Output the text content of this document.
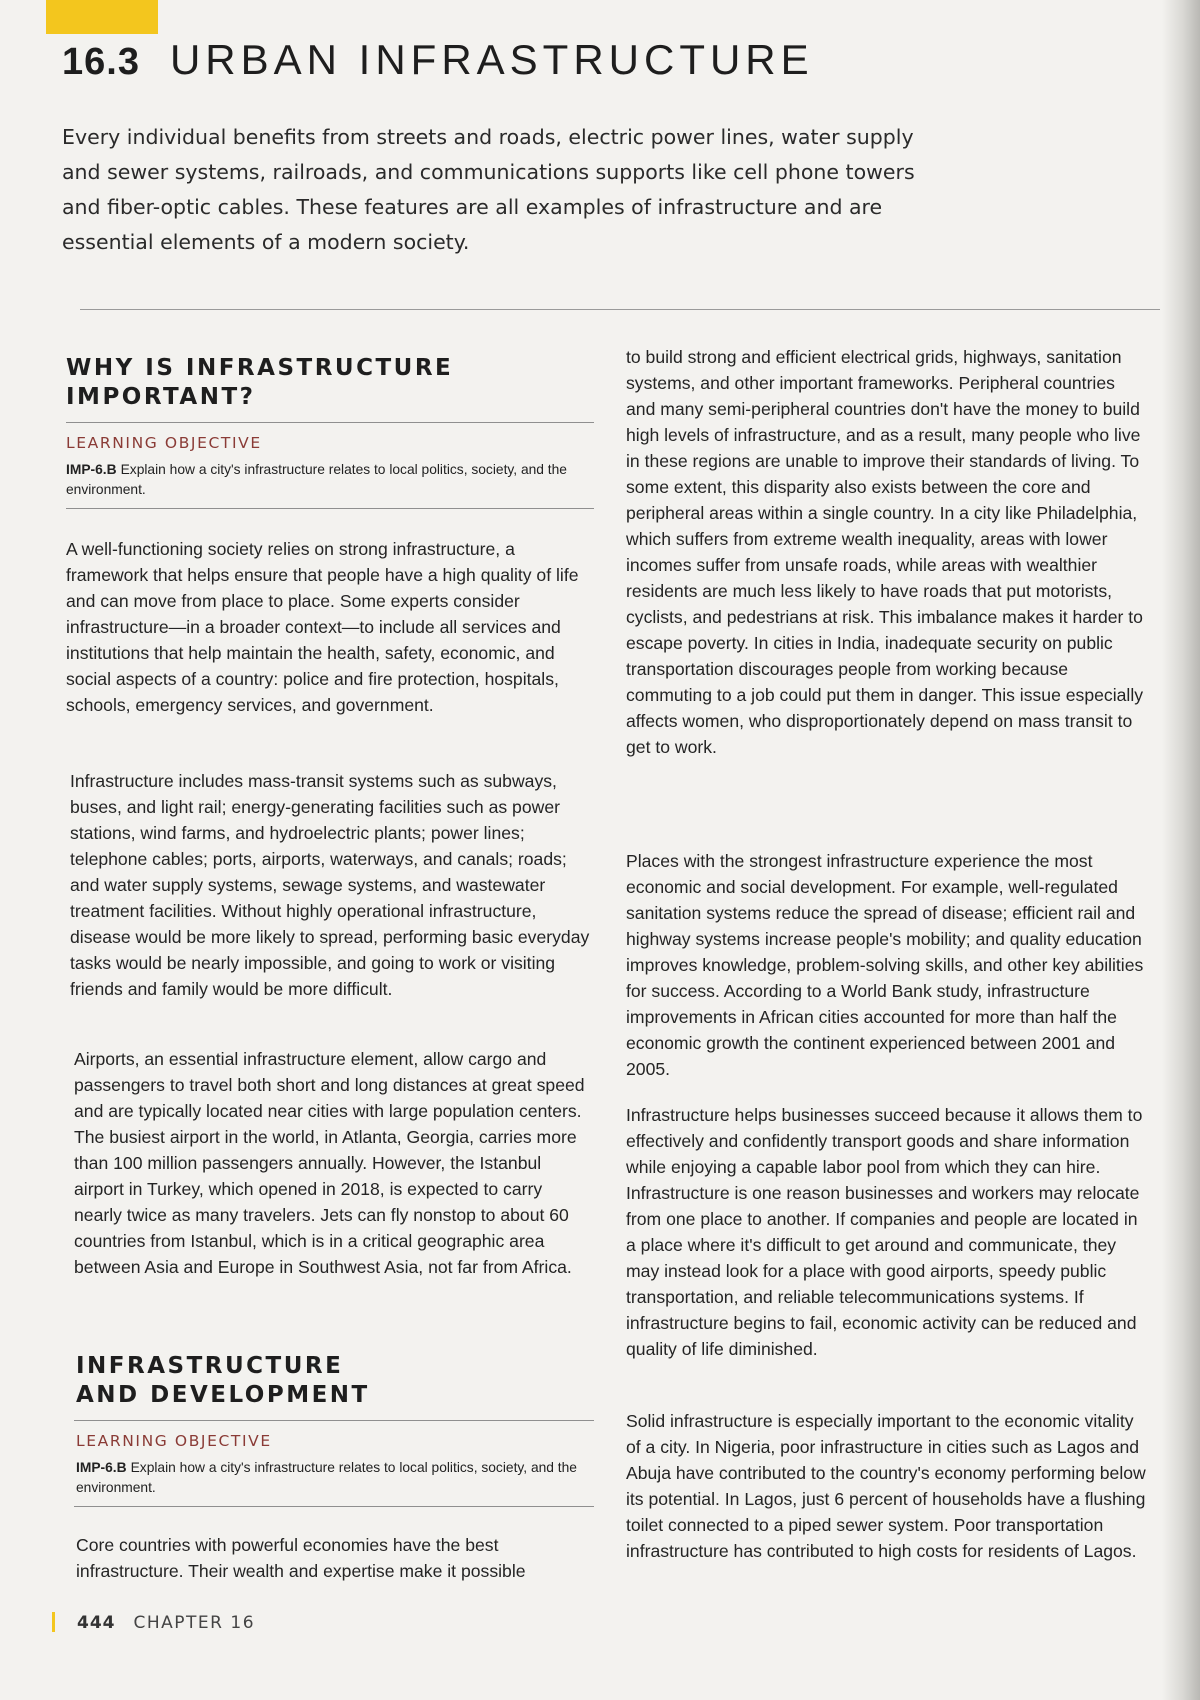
16.3 URBAN INFRASTRUCTURE

Every individual benefits from streets and roads, electric power lines, water supply and sewer systems, railroads, and communications supports like cell phone towers and fiber-optic cables. These features are all examples of infrastructure and are essential elements of a modern society.

WHY IS INFRASTRUCTURE
IMPORTANT?

LEARNING OBJECTIVE

IMP-6.B Explain how a city's infrastructure relates to local politics, society, and the environment.

A well-functioning society relies on strong infrastructure, a framework that helps ensure that people have a high quality of life and can move from place to place. Some experts consider infrastructure—in a broader context—to include all services and institutions that help maintain the health, safety, economic, and social aspects of a country: police and fire protection, hospitals, schools, emergency services, and government.

Infrastructure includes mass-transit systems such as subways, buses, and light rail; energy-generating facilities such as power stations, wind farms, and hydroelectric plants; power lines; telephone cables; ports, airports, waterways, and canals; roads; and water supply systems, sewage systems, and wastewater treatment facilities. Without highly operational infrastructure, disease would be more likely to spread, performing basic everyday tasks would be nearly impossible, and going to work or visiting friends and family would be more difficult.

Airports, an essential infrastructure element, allow cargo and passengers to travel both short and long distances at great speed and are typically located near cities with large population centers. The busiest airport in the world, in Atlanta, Georgia, carries more than 100 million passengers annually. However, the Istanbul airport in Turkey, which opened in 2018, is expected to carry nearly twice as many travelers. Jets can fly nonstop to about 60 countries from Istanbul, which is in a critical geographic area between Asia and Europe in Southwest Asia, not far from Africa.

INFRASTRUCTURE
AND DEVELOPMENT

LEARNING OBJECTIVE

IMP-6.B Explain how a city's infrastructure relates to local politics, society, and the environment.

Core countries with powerful economies have the best infrastructure. Their wealth and expertise make it possible

to build strong and efficient electrical grids, highways, sanitation systems, and other important frameworks. Peripheral countries and many semi-peripheral countries don't have the money to build high levels of infrastructure, and as a result, many people who live in these regions are unable to improve their standards of living. To some extent, this disparity also exists between the core and peripheral areas within a single country. In a city like Philadelphia, which suffers from extreme wealth inequality, areas with lower incomes suffer from unsafe roads, while areas with wealthier residents are much less likely to have roads that put motorists, cyclists, and pedestrians at risk. This imbalance makes it harder to escape poverty. In cities in India, inadequate security on public transportation discourages people from working because commuting to a job could put them in danger. This issue especially affects women, who disproportionately depend on mass transit to get to work.

Places with the strongest infrastructure experience the most economic and social development. For example, well-regulated sanitation systems reduce the spread of disease; efficient rail and highway systems increase people's mobility; and quality education improves knowledge, problem-solving skills, and other key abilities for success. According to a World Bank study, infrastructure improvements in African cities accounted for more than half the economic growth the continent experienced between 2001 and 2005.

Infrastructure helps businesses succeed because it allows them to effectively and confidently transport goods and share information while enjoying a capable labor pool from which they can hire. Infrastructure is one reason businesses and workers may relocate from one place to another. If companies and people are located in a place where it's difficult to get around and communicate, they may instead look for a place with good airports, speedy public transportation, and reliable telecommunications systems. If infrastructure begins to fail, economic activity can be reduced and quality of life diminished.

Solid infrastructure is especially important to the economic vitality of a city. In Nigeria, poor infrastructure in cities such as Lagos and Abuja have contributed to the country's economy performing below its potential. In Lagos, just 6 percent of households have a flushing toilet connected to a piped sewer system. Poor transportation infrastructure has contributed to high costs for residents of Lagos.

444 CHAPTER 16
